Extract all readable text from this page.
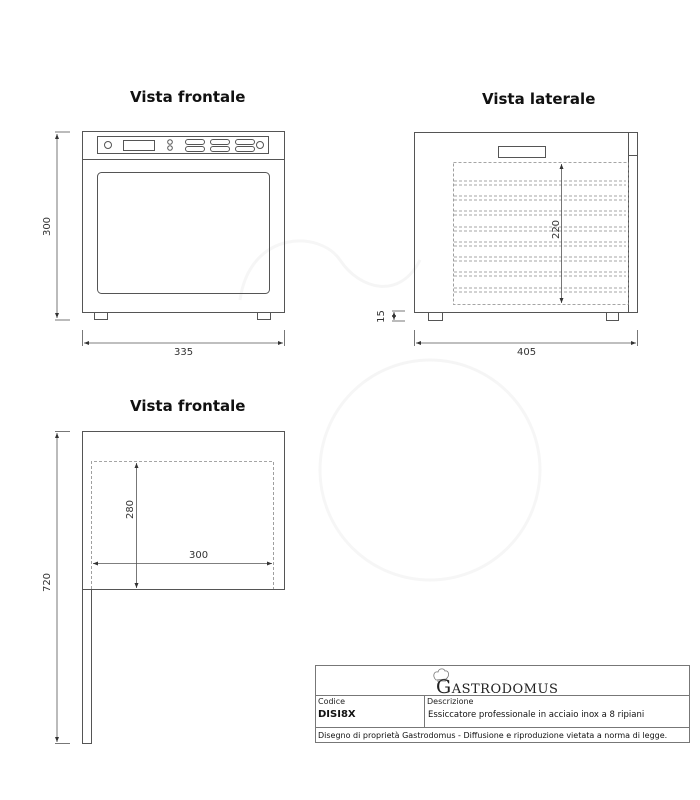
Vista frontale	Vista laterale
Vista frontale
300
335
220
15
405
280
300
720
GASTRODOMUS
Codice
DISI8X
Descrizione
Essiccatore professionale in acciaio inox a 8 ripiani
Disegno di proprietà Gastrodomus - Diffusione e riproduzione vietata a norma di legge.
